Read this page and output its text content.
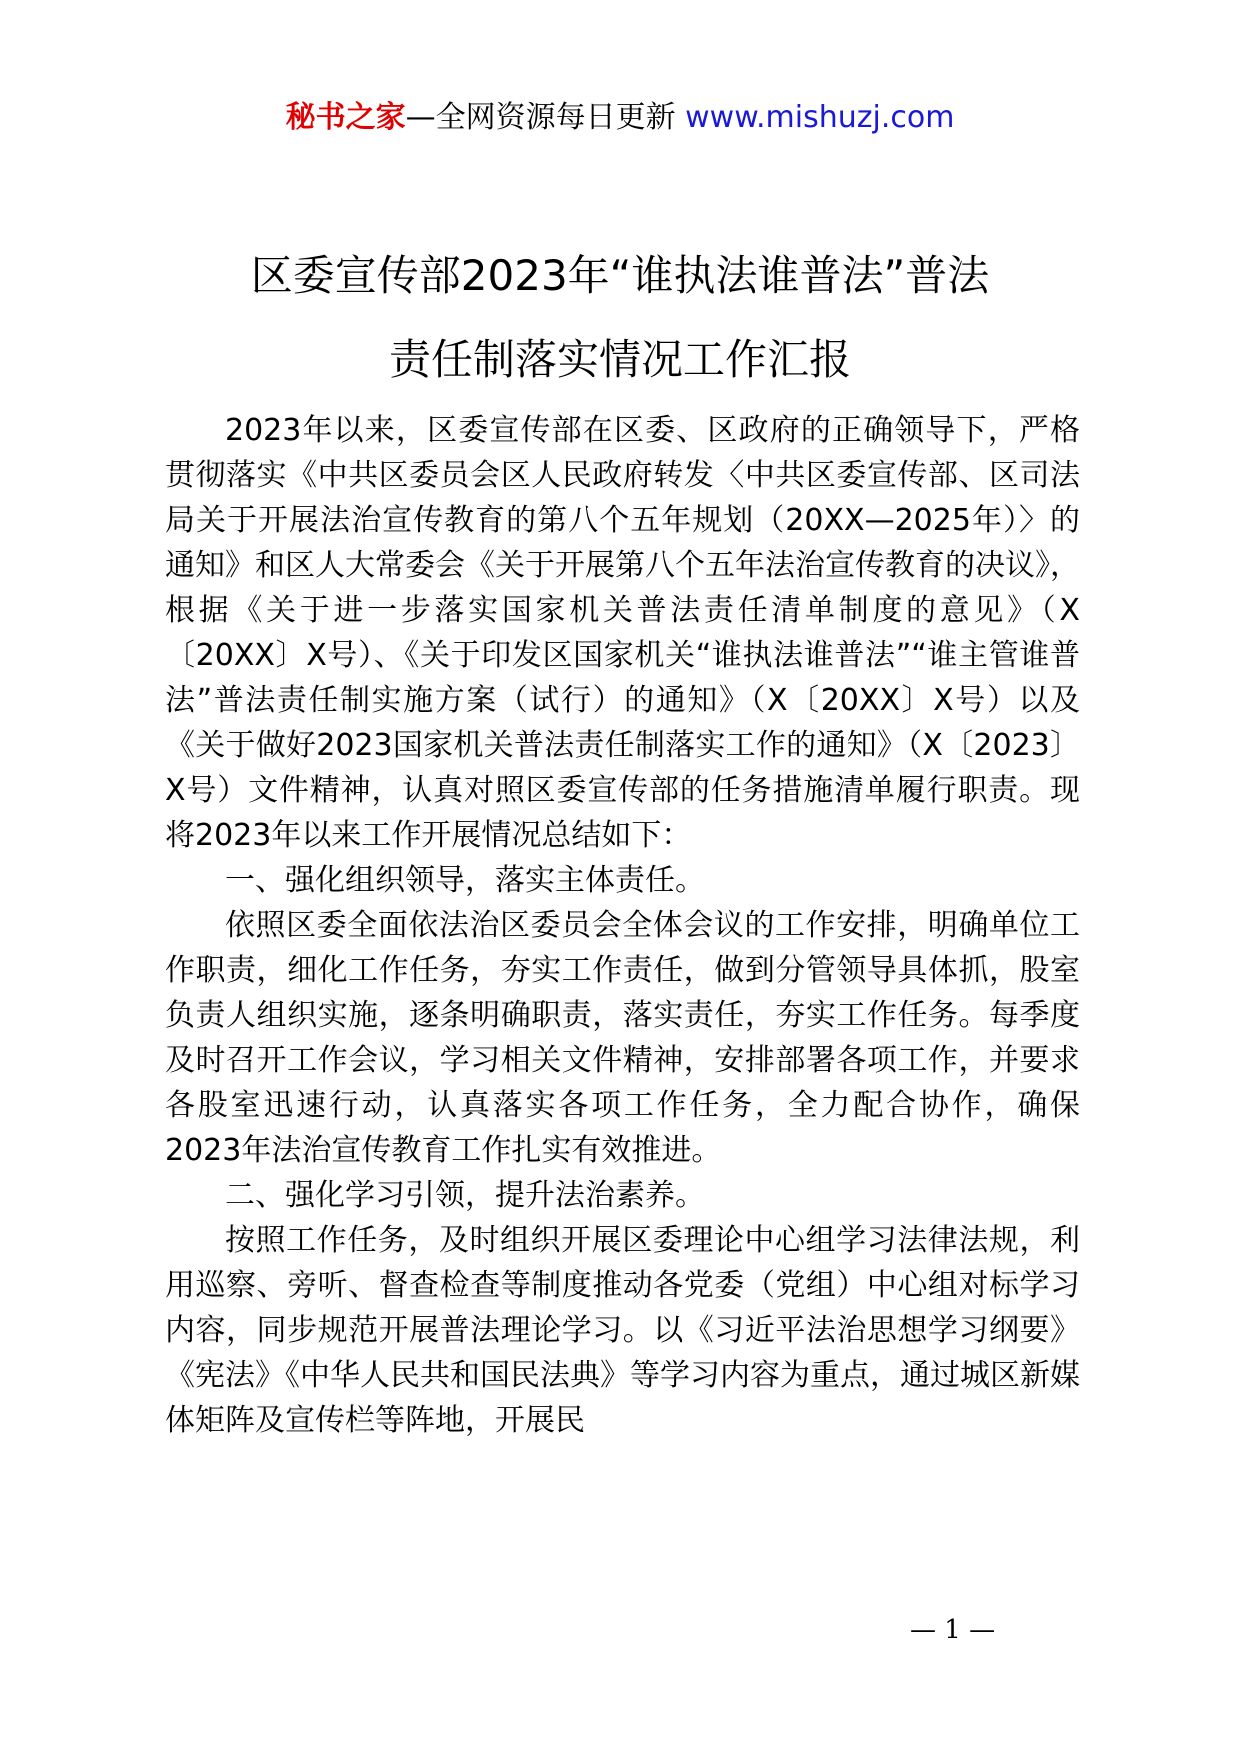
秘书之家—全网资源每日更新 www.mishuzj.com
区委宣传部2023年“谁执法谁普法”普法
责任制落实情况工作汇报

2023年以来，区委宣传部在区委、区政府的正确领导下，严格贯彻落实《中共区委员会区人民政府转发〈中共区委宣传部、区司法局关于开展法治宣传教育的第八个五年规划（20XX—2025年）〉的通知》和区人大常委会《关于开展第八个五年法治宣传教育的决议》，根据《关于进一步落实国家机关普法责任清单制度的意见》（X〔20XX〕X号）、《关于印发区国家机关“谁执法谁普法”“谁主管谁普法”普法责任制实施方案（试行）的通知》（X〔20XX〕X号）以及《关于做好2023国家机关普法责任制落实工作的通知》（X〔2023〕X号）文件精神，认真对照区委宣传部的任务措施清单履行职责。现将2023年以来工作开展情况总结如下：

一、强化组织领导，落实主体责任。

依照区委全面依法治区委员会全体会议的工作安排，明确单位工作职责，细化工作任务，夯实工作责任，做到分管领导具体抓，股室负责人组织实施，逐条明确职责，落实责任，夯实工作任务。每季度及时召开工作会议，学习相关文件精神，安排部署各项工作，并要求各股室迅速行动，认真落实各项工作任务，全力配合协作，确保2023年法治宣传教育工作扎实有效推进。

二、强化学习引领，提升法治素养。

按照工作任务，及时组织开展区委理论中心组学习法律法规，利用巡察、旁听、督查检查等制度推动各党委（党组）中心组对标学习内容，同步规范开展普法理论学习。以《习近平法治思想学习纲要》《宪法》《中华人民共和国民法典》等学习内容为重点，通过城区新媒体矩阵及宣传栏等阵地，开展民

— 1 —
